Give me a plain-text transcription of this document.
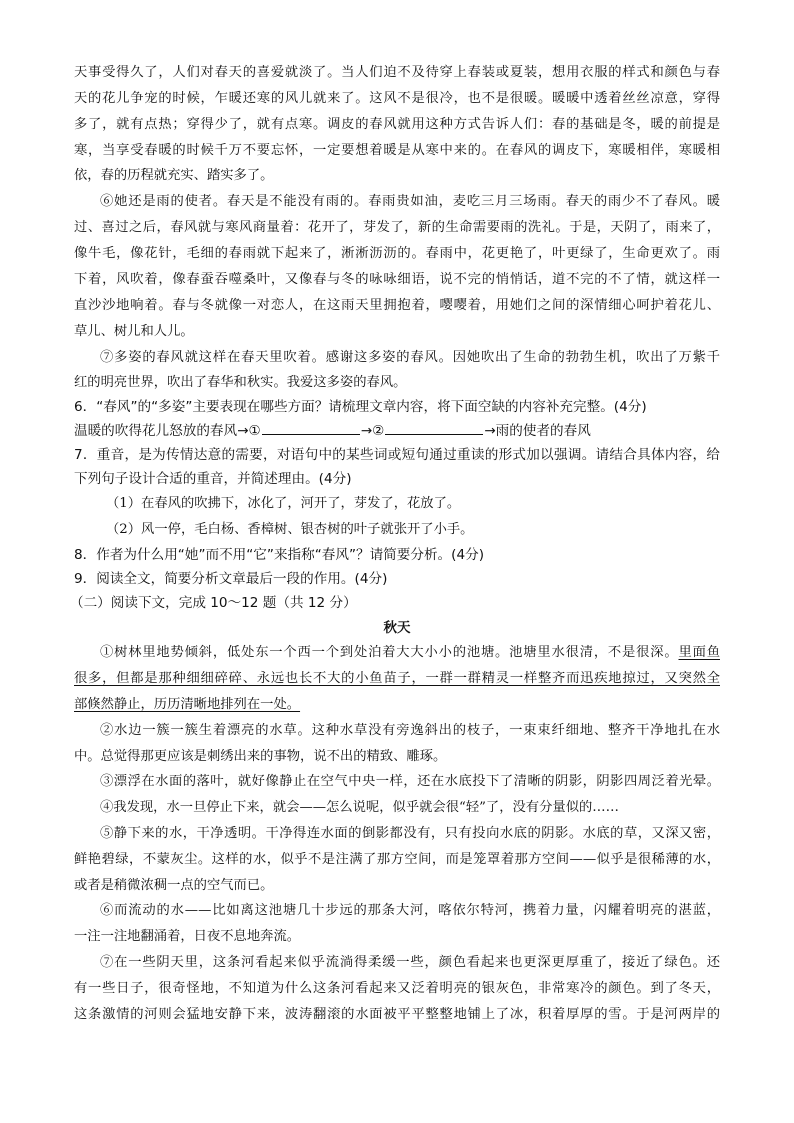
天事受得久了，人们对春天的喜爱就淡了。当人们迫不及待穿上春装或夏装，想用衣服的样式和颜色与春
天的花儿争宠的时候，乍暖还寒的风儿就来了。这风不是很冷，也不是很暖。暖暖中透着丝丝凉意，穿得
多了，就有点热；穿得少了，就有点寒。调皮的春风就用这种方式告诉人们：春的基础是冬，暖的前提是
寒，当享受春暖的时候千万不要忘怀，一定要想着暖是从寒中来的。在春风的调皮下，寒暖相伴，寒暖相
依，春的历程就充实、踏实多了。
⑥她还是雨的使者。春天是不能没有雨的。春雨贵如油，麦吃三月三场雨。春天的雨少不了春风。暖
过、喜过之后，春风就与寒风商量着：花开了，芽发了，新的生命需要雨的洗礼。于是，天阴了，雨来了，
像牛毛，像花针，毛细的春雨就下起来了，淅淅沥沥的。春雨中，花更艳了，叶更绿了，生命更欢了。雨
下着，风吹着，像春蚕吞噬桑叶，又像春与冬的咏咏细语，说不完的悄悄话，道不完的不了情，就这样一
直沙沙地响着。春与冬就像一对恋人，在这雨天里拥抱着，嘤嘤着，用她们之间的深情细心呵护着花儿、
草儿、树儿和人儿。
⑦多姿的春风就这样在春天里吹着。感谢这多姿的春风。因她吹出了生命的勃勃生机，吹出了万紫千
红的明亮世界，吹出了春华和秋实。我爱这多姿的春风。
6．“春风”的“多姿”主要表现在哪些方面？请梳理文章内容，将下面空缺的内容补充完整。(4分)
温暖的吹得花儿怒放的春风→①	→②	→雨的使者的春风
7．重音，是为传情达意的需要，对语句中的某些词或短句通过重读的形式加以强调。请结合具体内容，给
下列句子设计合适的重音，并简述理由。(4分)
（1）在春风的吹拂下，冰化了，河开了，芽发了，花放了。
（2）风一停，毛白杨、香樟树、银杏树的叶子就张开了小手。
8．作者为什么用“她”而不用“它”来指称“春风”？请简要分析。(4分)
9．阅读全文，简要分析文章最后一段的作用。(4分)
（二）阅读下文，完成 10～12 题（共 12 分）
秋天
①树林里地势倾斜，低处东一个西一个到处泊着大大小小的池塘。池塘里水很清，不是很深。里面鱼
很多，但都是那种细细碎碎、永远也长不大的小鱼苗子，一群一群精灵一样整齐而迅疾地掠过，又突然全
部倏然静止，历历清晰地排列在一处。
②水边一簇一簇生着漂亮的水草。这种水草没有旁逸斜出的枝子，一束束纤细地、整齐干净地扎在水
中。总觉得那更应该是刺绣出来的事物，说不出的精致、雕琢。
③漂浮在水面的落叶，就好像静止在空气中央一样，还在水底投下了清晰的阴影，阴影四周泛着光晕。
④我发现，水一旦停止下来，就会——怎么说呢，似乎就会很“轻”了，没有分量似的……
⑤静下来的水，干净透明。干净得连水面的倒影都没有，只有投向水底的阴影。水底的草，又深又密，
鲜艳碧绿，不蒙灰尘。这样的水，似乎不是注满了那方空间，而是笼罩着那方空间——似乎是很稀薄的水，
或者是稍微浓稠一点的空气而已。
⑥而流动的水——比如离这池塘几十步远的那条大河，喀依尔特河，携着力量，闪耀着明亮的湛蓝，
一注一注地翻涌着，日夜不息地奔流。
⑦在一些阴天里，这条河看起来似乎流淌得柔缓一些，颜色看起来也更深更厚重了，接近了绿色。还
有一些日子，很奇怪地，不知道为什么这条河看起来又泛着明亮的银灰色，非常寒冷的颜色。到了冬天，
这条激情的河则会猛地安静下来，波涛翻滚的水面被平平整整地铺上了冰，积着厚厚的雪。于是河两岸的
